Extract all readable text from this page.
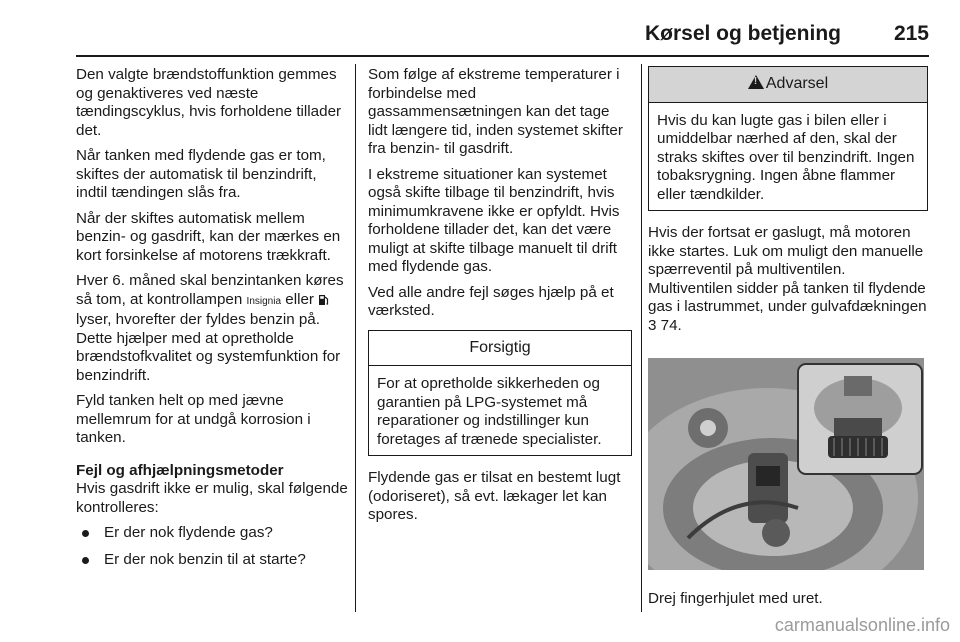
Kørsel og betjening	215

Den valgte brændstoffunktion gemmes og genaktiveres ved næste tændingscyklus, hvis forholdene tillader det.

Når tanken med flydende gas er tom, skiftes der automatisk til benzindrift, indtil tændingen slås fra.

Når der skiftes automatisk mellem benzin- og gasdrift, kan der mærkes en kort forsinkelse af motorens trækkraft.

Hver 6. måned skal benzintanken køres så tom, at kontrollampen Insignia eller  lyser, hvorefter der fyldes benzin på. Dette hjælper med at opretholde brændstofkvalitet og systemfunktion for benzindrift.

Fyld tanken helt op med jævne mellemrum for at undgå korrosion i tanken.

Fejl og afhjælpningsmetoder

Hvis gasdrift ikke er mulig, skal følgende kontrolleres:

Er der nok flydende gas?
Er der nok benzin til at starte?

Som følge af ekstreme temperaturer i forbindelse med gassammensætningen kan det tage lidt længere tid, inden systemet skifter fra benzin- til gasdrift.

I ekstreme situationer kan systemet også skifte tilbage til benzindrift, hvis minimumkravene ikke er opfyldt. Hvis forholdene tillader det, kan det være muligt at skifte tilbage manuelt til drift med flydende gas.

Ved alle andre fejl søges hjælp på et værksted.

Forsigtig
For at opretholde sikkerheden og garantien på LPG-systemet må reparationer og indstillinger kun foretages af trænede specialister.

Flydende gas er tilsat en bestemt lugt (odoriseret), så evt. lækager let kan spores.

!Advarsel
Hvis du kan lugte gas i bilen eller i umiddelbar nærhed af den, skal der straks skiftes over til benzindrift. Ingen tobaksrygning. Ingen åbne flammer eller tændkilder.

Hvis der fortsat er gaslugt, må motoren ikke startes. Luk om muligt den manuelle spærreventil på multiventilen. Multiventilen sidder på tanken til flydende gas i lastrummet, under gulvafdækningen 3 74.

Drej fingerhjulet med uret.

carmanualsonline.info
